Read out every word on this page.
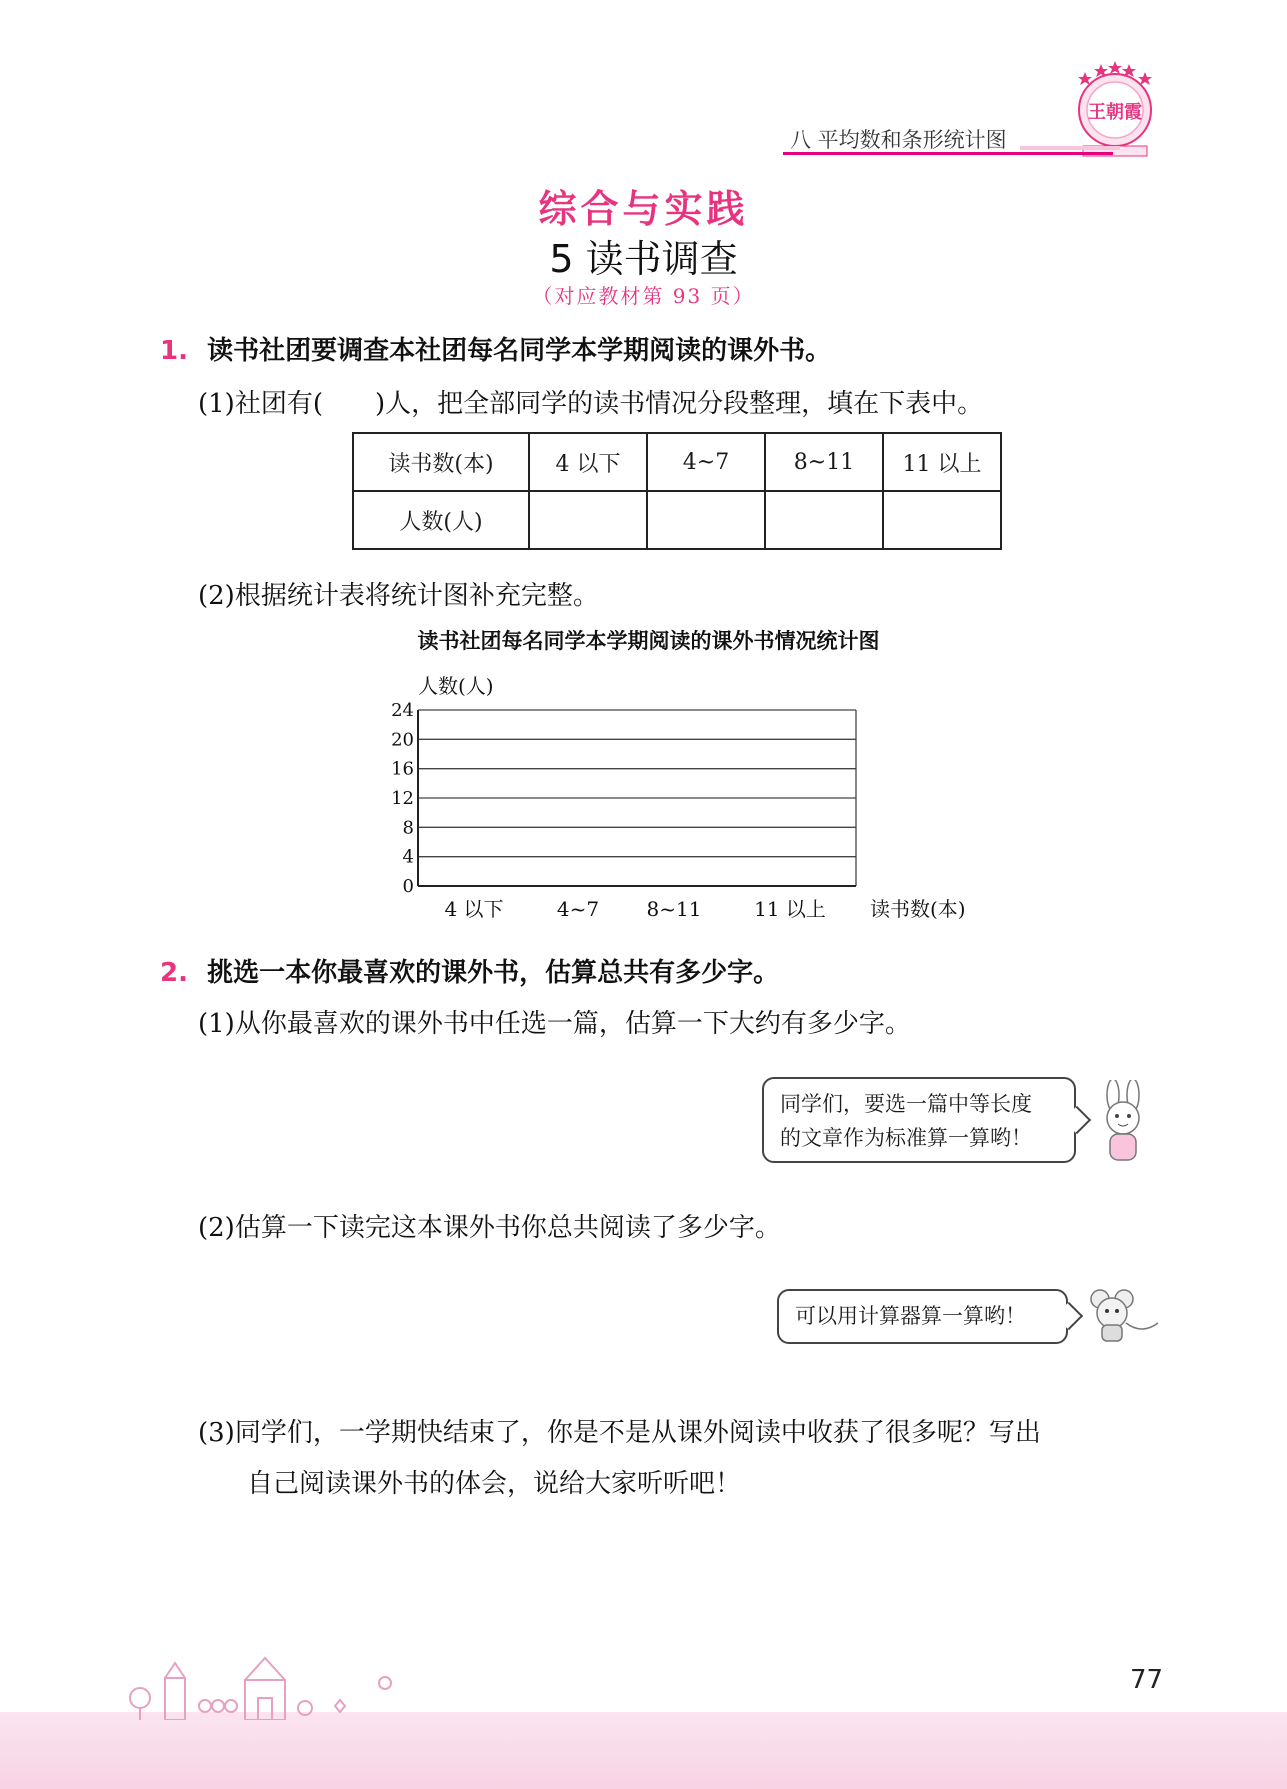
王朝霞
八 平均数和条形统计图
综合与实践
5 读书调查
（对应教材第 93 页）
1. 读书社团要调查本社团每名同学本学期阅读的课外书。
(1)社团有(　　)人，把全部同学的读书情况分段整理，填在下表中。
读书数(本)	4 以下	4~7	8~11	11 以上
人数(人)				
(2)根据统计表将统计图补充完整。
读书社团每名同学本学期阅读的课外书情况统计图
人数(人)
0
4
8
12
16
20
24
4 以下	4~7 8~11	11 以上 读书数(本)
2. 挑选一本你最喜欢的课外书，估算总共有多少字。
(1)从你最喜欢的课外书中任选一篇，估算一下大约有多少字。
同学们，要选一篇中等长度
的文章作为标准算一算哟！
(2)估算一下读完这本课外书你总共阅读了多少字。
可以用计算器算一算哟！
(3)同学们，一学期快结束了，你是不是从课外阅读中收获了很多呢？写出
自己阅读课外书的体会，说给大家听听吧！
77
